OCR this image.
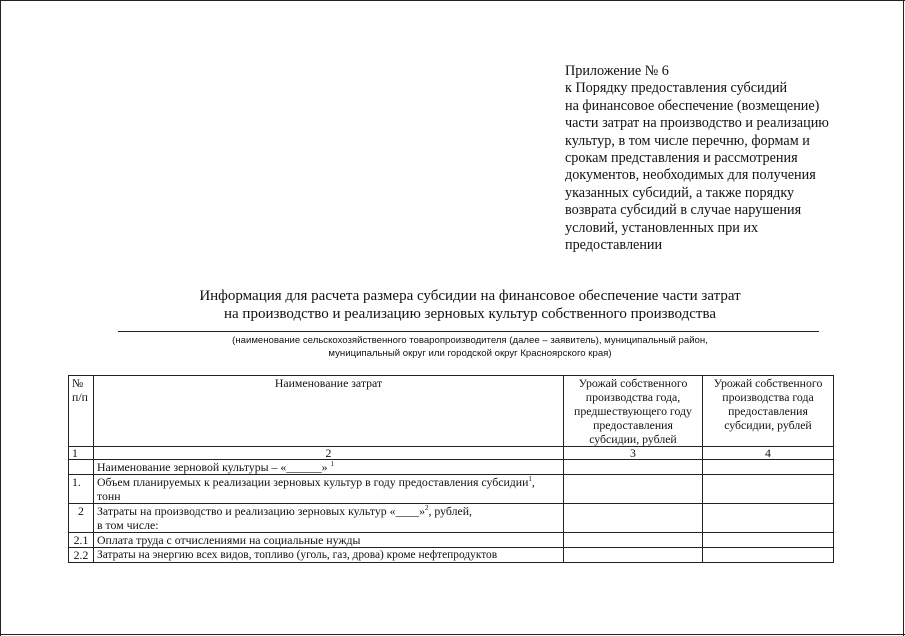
Приложение № 6
к Порядку предоставления субсидий
на финансовое обеспечение (возмещение)
части затрат на производство и реализацию
культур, в том числе перечню, формам и
срокам представления и рассмотрения
документов, необходимых для получения
указанных субсидий, а также порядку
возврата субсидий в случае нарушения
условий, установленных при их
предоставлении
Информация для расчета размера субсидии на финансовое обеспечение части затрат
на производство и реализацию зерновых культур собственного производства
(наименование сельскохозяйственного товаропроизводителя (далее – заявитель), муниципальный район,
муниципальный округ или городской округ Красноярского края)
№
п/п	Наименование затрат	Урожай собственного производства года, предшествующего году предоставления субсидии, рублей	Урожай собственного производства года предоставления субсидии, рублей
1	2	3	4
	Наименование зерновой культуры – «______» $^1$		
1.	Объем планируемых к реализации зерновых культур в году предоставления субсидии$^1$, тонн		
2	Затраты на производство и реализацию зерновых культур «____»$^2$, рублей,
в том числе:		
2.1	Оплата труда с отчислениями на социальные нужды		
2.2	Затраты на энергию всех видов, топливо (уголь, газ, дрова) кроме нефтепродуктов		
